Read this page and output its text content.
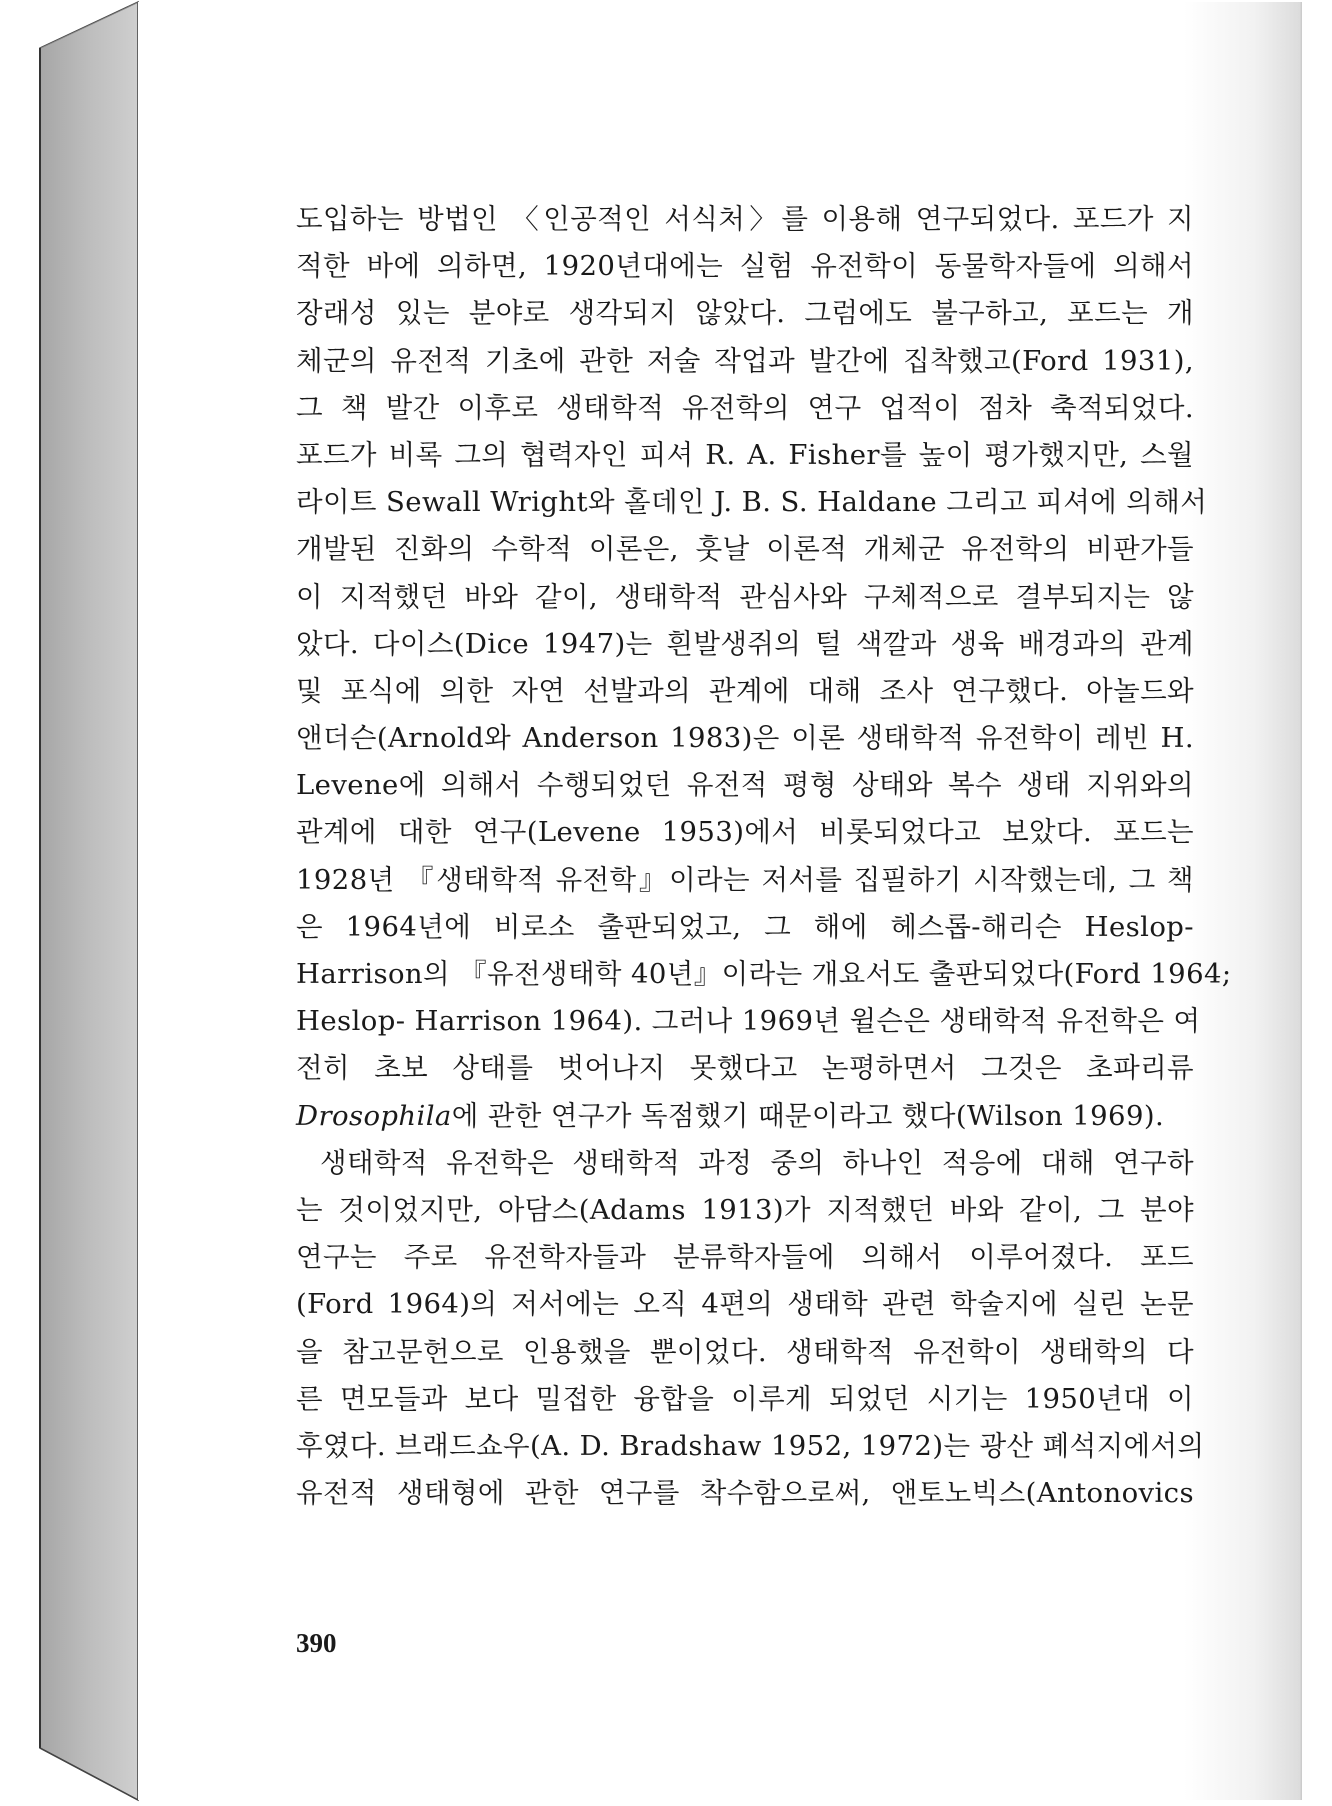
도입하는 방법인 〈인공적인 서식처〉를 이용해 연구되었다. 포드가 지
적한 바에 의하면, 1920년대에는 실험 유전학이 동물학자들에 의해서
장래성 있는 분야로 생각되지 않았다. 그럼에도 불구하고, 포드는 개
체군의 유전적 기초에 관한 저술 작업과 발간에 집착했고(Ford 1931),
그 책 발간 이후로 생태학적 유전학의 연구 업적이 점차 축적되었다.
포드가 비록 그의 협력자인 피셔 R. A. Fisher를 높이 평가했지만, 스월
라이트 Sewall Wright와 홀데인 J. B. S. Haldane 그리고 피셔에 의해서
개발된 진화의 수학적 이론은, 훗날 이론적 개체군 유전학의 비판가들
이 지적했던 바와 같이, 생태학적 관심사와 구체적으로 결부되지는 않
았다. 다이스(Dice 1947)는 흰발생쥐의 털 색깔과 생육 배경과의 관계
및 포식에 의한 자연 선발과의 관계에 대해 조사 연구했다. 아놀드와
앤더슨(Arnold와 Anderson 1983)은 이론 생태학적 유전학이 레빈 H.
Levene에 의해서 수행되었던 유전적 평형 상태와 복수 생태 지위와의
관계에 대한 연구(Levene 1953)에서 비롯되었다고 보았다. 포드는
1928년 『생태학적 유전학』이라는 저서를 집필하기 시작했는데, 그 책
은 1964년에 비로소 출판되었고, 그 해에 헤스롭-해리슨 Heslop-
Harrison의 『유전생태학 40년』이라는 개요서도 출판되었다(Ford 1964;
Heslop- Harrison 1964). 그러나 1969년 윌슨은 생태학적 유전학은 여
전히 초보 상태를 벗어나지 못했다고 논평하면서 그것은 초파리류
Drosophila에 관한 연구가 독점했기 때문이라고 했다(Wilson 1969).
생태학적 유전학은 생태학적 과정 중의 하나인 적응에 대해 연구하
는 것이었지만, 아담스(Adams 1913)가 지적했던 바와 같이, 그 분야
연구는 주로 유전학자들과 분류학자들에 의해서 이루어졌다. 포드
(Ford 1964)의 저서에는 오직 4편의 생태학 관련 학술지에 실린 논문
을 참고문헌으로 인용했을 뿐이었다. 생태학적 유전학이 생태학의 다
른 면모들과 보다 밀접한 융합을 이루게 되었던 시기는 1950년대 이
후였다. 브래드쇼우(A. D. Bradshaw 1952, 1972)는 광산 폐석지에서의
유전적 생태형에 관한 연구를 착수함으로써, 앤토노빅스(Antonovics
390
